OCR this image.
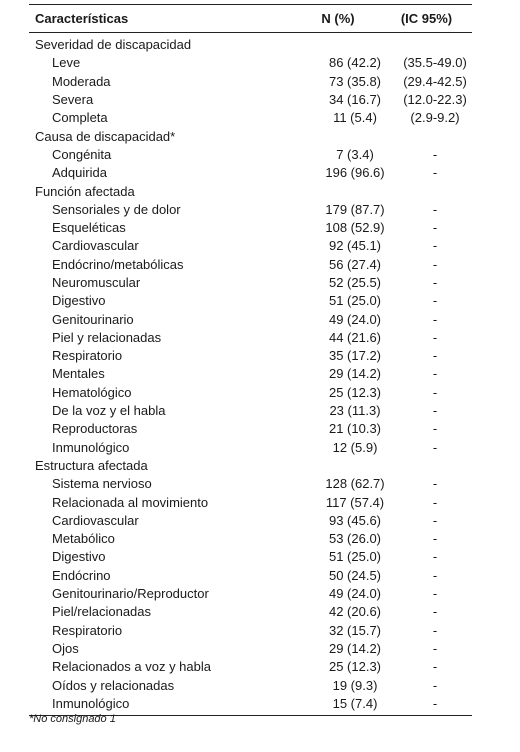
Características	N (%)	(IC 95%)
Severidad de discapacidad
Leve	86 (42.2)	(35.5-49.0)
Moderada	73 (35.8)	(29.4-42.5)
Severa	34 (16.7)	(12.0-22.3)
Completa	11 (5.4)	(2.9-9.2)
Causa de discapacidad*
Congénita	7 (3.4)	-
Adquirida	196 (96.6)	-
Función afectada
Sensoriales y de dolor	179 (87.7)	-
Esqueléticas	108 (52.9)	-
Cardiovascular	92 (45.1)	-
Endócrino/metabólicas	56 (27.4)	-
Neuromuscular	52 (25.5)	-
Digestivo	51 (25.0)	-
Genitourinario	49 (24.0)	-
Piel y relacionadas	44 (21.6)	-
Respiratorio	35 (17.2)	-
Mentales	29 (14.2)	-
Hematológico	25 (12.3)	-
De la voz y el habla	23 (11.3)	-
Reproductoras	21 (10.3)	-
Inmunológico	12 (5.9)	-
Estructura afectada
Sistema nervioso	128 (62.7)	-
Relacionada al movimiento	117 (57.4)	-
Cardiovascular	93 (45.6)	-
Metabólico	53 (26.0)	-
Digestivo	51 (25.0)	-
Endócrino	50 (24.5)	-
Genitourinario/Reproductor	49 (24.0)	-
Piel/relacionadas	42 (20.6)	-
Respiratorio	32 (15.7)	-
Ojos	29 (14.2)	-
Relacionados a voz y habla	25 (12.3)	-
Oídos y relacionadas	19 (9.3)	-
Inmunológico	15 (7.4)	-
*No consignado 1
